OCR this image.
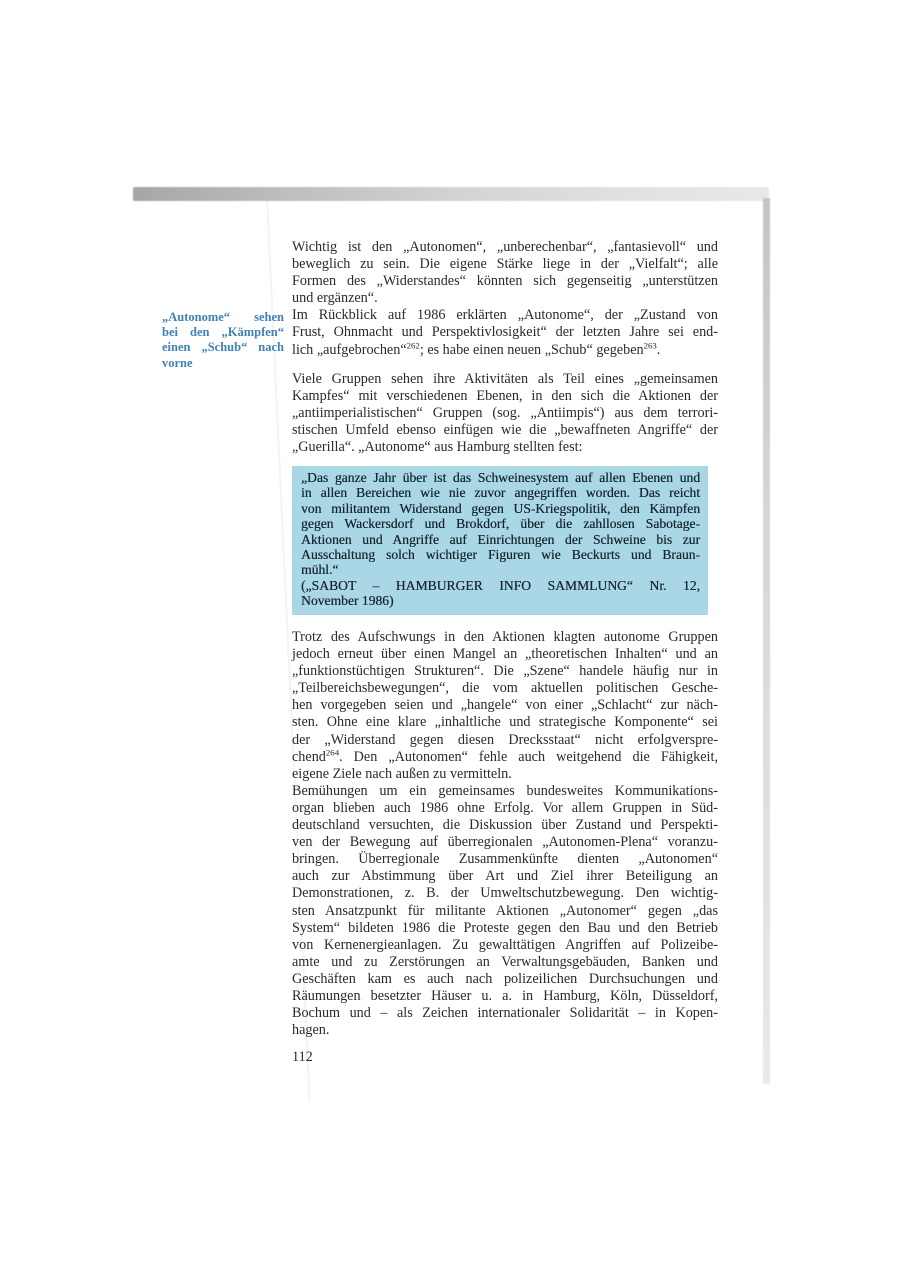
„Autonome“ sehen
bei den „Kämpfen“
einen „Schub“ nach
vorne
Wichtig ist den „Autonomen“, „unberechenbar“, „fantasievoll“ und
beweglich zu sein. Die eigene Stärke liege in der „Vielfalt“; alle
Formen des „Widerstandes“ könnten sich gegenseitig „unterstützen
und ergänzen“.
Im Rückblick auf 1986 erklärten „Autonome“, der „Zustand von
Frust, Ohnmacht und Perspektivlosigkeit“ der letzten Jahre sei end-
lich „aufgebrochen“$^{262}$; es habe einen neuen „Schub“ gegeben$^{263}$.
Viele Gruppen sehen ihre Aktivitäten als Teil eines „gemeinsamen
Kampfes“ mit verschiedenen Ebenen, in den sich die Aktionen der
„antiimperialistischen“ Gruppen (sog. „Antiimpis“) aus dem terrori-
stischen Umfeld ebenso einfügen wie die „bewaffneten Angriffe“ der
„Guerilla“. „Autonome“ aus Hamburg stellten fest:
„Das ganze Jahr über ist das Schweinesystem auf allen Ebenen und
in allen Bereichen wie nie zuvor angegriffen worden. Das reicht
von militantem Widerstand gegen US-Kriegspolitik, den Kämpfen
gegen Wackersdorf und Brokdorf, über die zahllosen Sabotage-
Aktionen und Angriffe auf Einrichtungen der Schweine bis zur
Ausschaltung solch wichtiger Figuren wie Beckurts und Braun-
mühl.“
(„SABOT – HAMBURGER INFO SAMMLUNG“ Nr. 12,
November 1986)
Trotz des Aufschwungs in den Aktionen klagten autonome Gruppen
jedoch erneut über einen Mangel an „theoretischen Inhalten“ und an
„funktionstüchtigen Strukturen“. Die „Szene“ handele häufig nur in
„Teilbereichsbewegungen“, die vom aktuellen politischen Gesche-
hen vorgegeben seien und „hangele“ von einer „Schlacht“ zur näch-
sten. Ohne eine klare „inhaltliche und strategische Komponente“ sei
der „Widerstand gegen diesen Drecksstaat“ nicht erfolgverspre-
chend$^{264}$. Den „Autonomen“ fehle auch weitgehend die Fähigkeit,
eigene Ziele nach außen zu vermitteln.
Bemühungen um ein gemeinsames bundesweites Kommunikations-
organ blieben auch 1986 ohne Erfolg. Vor allem Gruppen in Süd-
deutschland versuchten, die Diskussion über Zustand und Perspekti-
ven der Bewegung auf überregionalen „Autonomen-Plena“ voranzu-
bringen. Überregionale Zusammenkünfte dienten „Autonomen“
auch zur Abstimmung über Art und Ziel ihrer Beteiligung an
Demonstrationen, z. B. der Umweltschutzbewegung. Den wichtig-
sten Ansatzpunkt für militante Aktionen „Autonomer“ gegen „das
System“ bildeten 1986 die Proteste gegen den Bau und den Betrieb
von Kernenergieanlagen. Zu gewalttätigen Angriffen auf Polizeibe-
amte und zu Zerstörungen an Verwaltungsgebäuden, Banken und
Geschäften kam es auch nach polizeilichen Durchsuchungen und
Räumungen besetzter Häuser u. a. in Hamburg, Köln, Düsseldorf,
Bochum und – als Zeichen internationaler Solidarität – in Kopen-
hagen.
112
